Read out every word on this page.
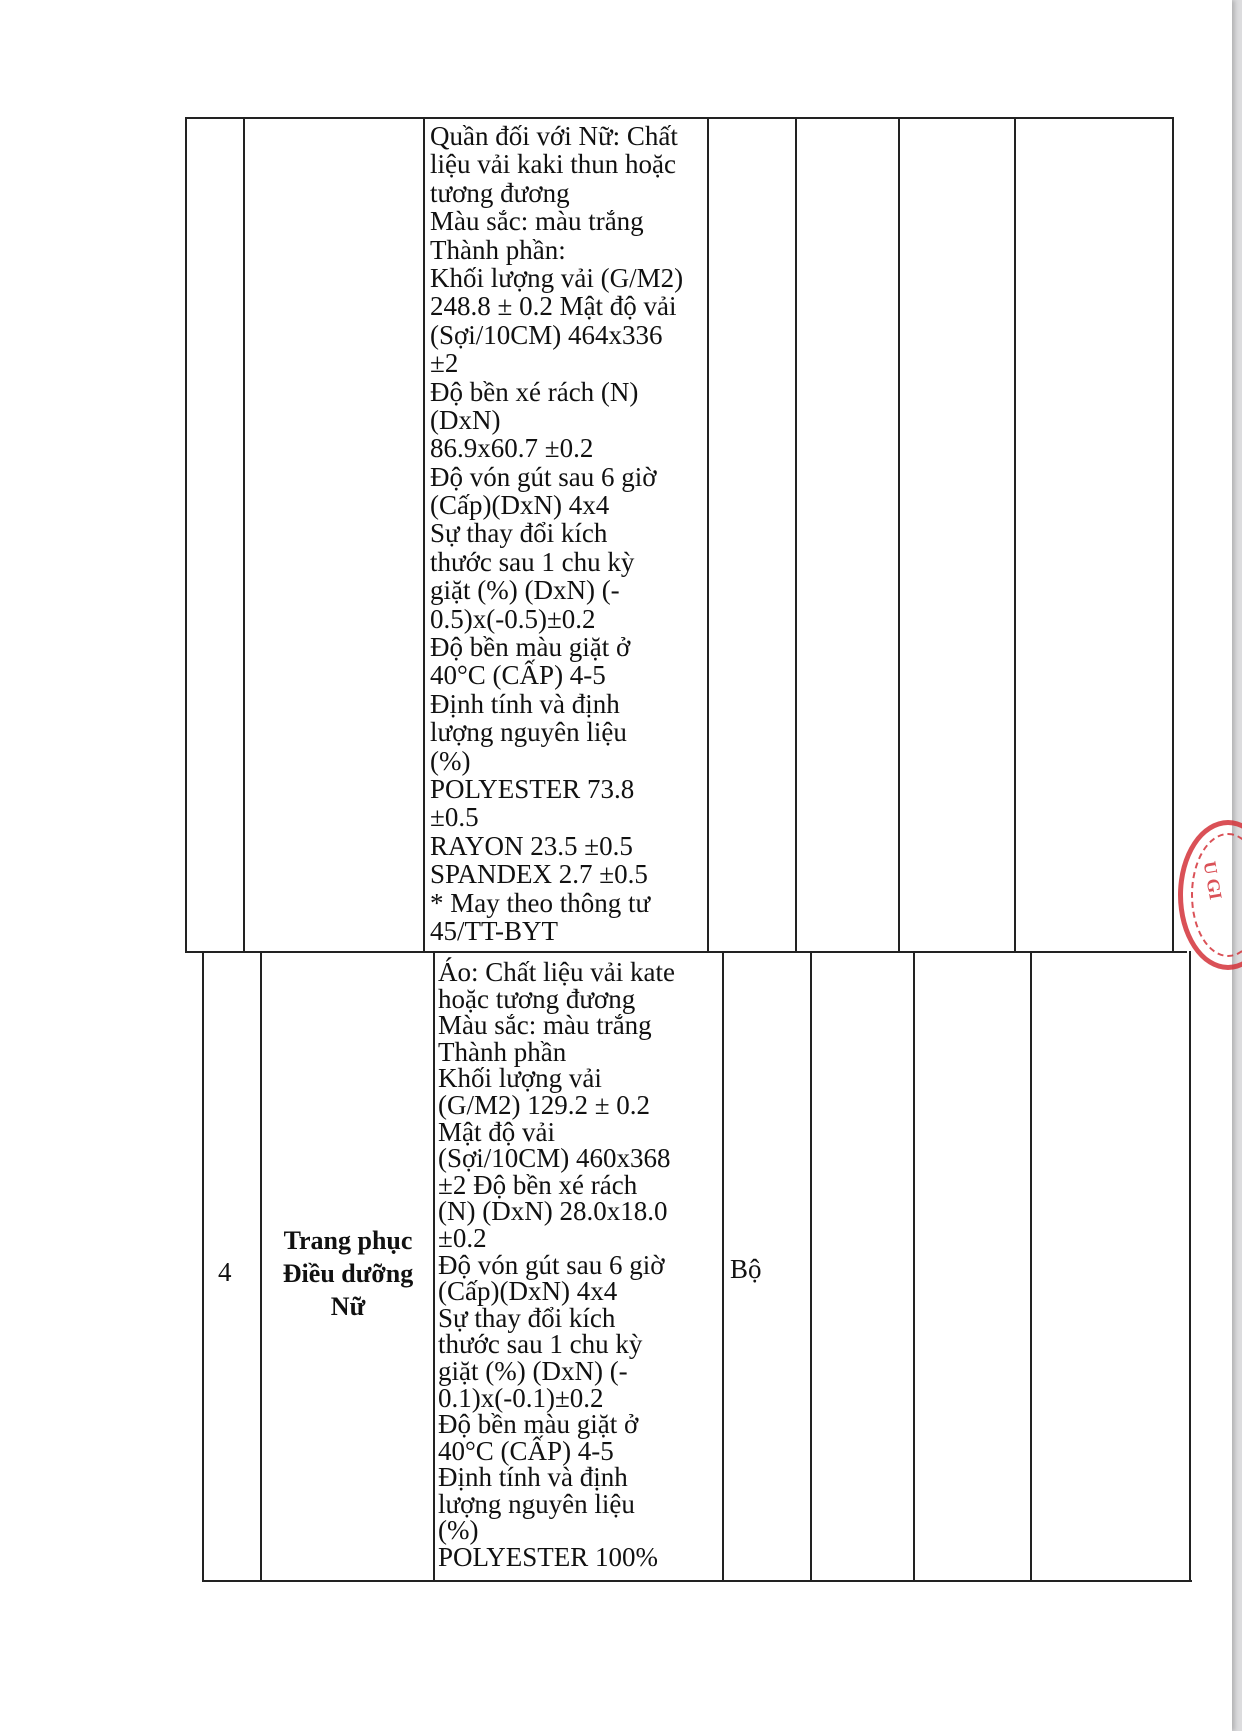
Quần đối với Nữ: Chất
liệu vải kaki thun hoặc
tương đương
Màu sắc: màu trắng
Thành phần:
Khối lượng vải (G/M2)
248.8 ± 0.2 Mật độ vải
(Sợi/10CM) 464x336
±2
Độ bền xé rách (N)
(DxN)
86.9x60.7 ±0.2
Độ vón gút sau 6 giờ
(Cấp)(DxN) 4x4
Sự thay đổi kích
thước sau 1 chu kỳ
giặt (%) (DxN) (-
0.5)x(-0.5)±0.2
Độ bền màu giặt ở
40°C (CẤP) 4-5
Định tính và định
lượng nguyên liệu
(%)
POLYESTER 73.8
±0.5
RAYON 23.5 ±0.5
SPANDEX 2.7 ±0.5
* May theo thông tư
45/TT-BYT
4
Trang phục
Điều dưỡng
Nữ
Áo: Chất liệu vải kate
hoặc tương đương
Màu sắc: màu trắng
Thành phần
Khối lượng vải
(G/M2) 129.2 ± 0.2
Mật độ vải
(Sợi/10CM) 460x368
±2 Độ bền xé rách
(N) (DxN) 28.0x18.0
±0.2
Độ vón gút sau 6 giờ
(Cấp)(DxN) 4x4
Sự thay đổi kích
thước sau 1 chu kỳ
giặt (%) (DxN) (-
0.1)x(-0.1)±0.2
Độ bền màu giặt ở
40°C (CẤP) 4-5
Định tính và định
lượng nguyên liệu
(%)
POLYESTER 100%
Bộ
U GI
